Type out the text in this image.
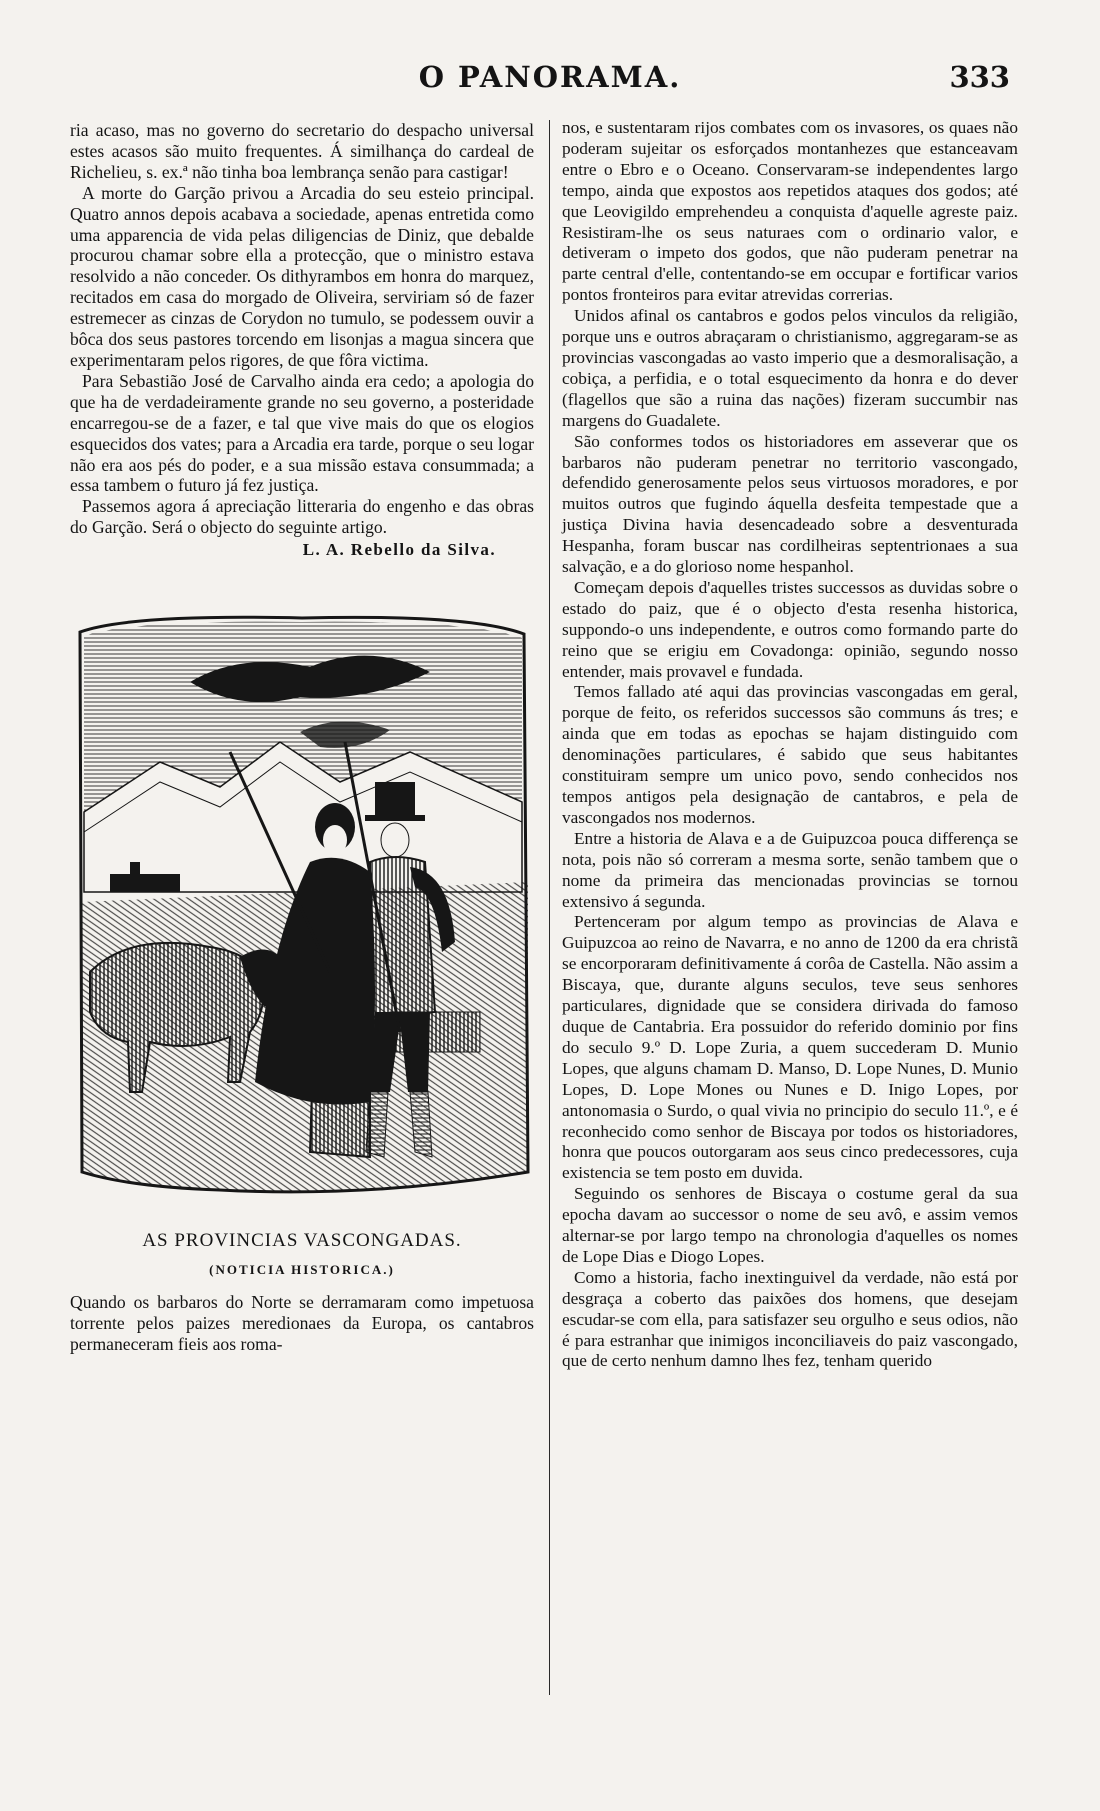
O PANORAMA.	333

ria acaso, mas no governo do secretario do despacho universal estes acasos são muito frequentes. Á similhança do cardeal de Richelieu, s. ex.ª não tinha boa lembrança senão para castigar!

A morte do Garção privou a Arcadia do seu esteio principal. Quatro annos depois acabava a sociedade, apenas entretida como uma apparencia de vida pelas diligencias de Diniz, que debalde procurou chamar sobre ella a protecção, que o ministro estava resolvido a não conceder. Os dithyrambos em honra do marquez, recitados em casa do morgado de Oliveira, serviriam só de fazer estremecer as cinzas de Corydon no tumulo, se podessem ouvir a bôca dos seus pastores torcendo em lisonjas a magua sincera que experimentaram pelos rigores, de que fôra victima.

Para Sebastião José de Carvalho ainda era cedo; a apologia do que ha de verdadeiramente grande no seu governo, a posteridade encarregou-se de a fazer, e tal que vive mais do que os elogios esquecidos dos vates; para a Arcadia era tarde, porque o seu logar não era aos pés do poder, e a sua missão estava consummada; a essa tambem o futuro já fez justiça.

Passemos agora á apreciação litteraria do engenho e das obras do Garção. Será o objecto do seguinte artigo.

L. A. Rebello da Silva.

AS PROVINCIAS VASCONGADAS.
(NOTICIA HISTORICA.)

Quando os barbaros do Norte se derramaram como impetuosa torrente pelos paizes meredionaes da Europa, os cantabros permaneceram fieis aos roma-

nos, e sustentaram rijos combates com os invasores, os quaes não poderam sujeitar os esforçados montanhezes que estanceavam entre o Ebro e o Oceano. Conservaram-se independentes largo tempo, ainda que expostos aos repetidos ataques dos godos; até que Leovigildo emprehendeu a conquista d'aquelle agreste paiz. Resistiram-lhe os seus naturaes com o ordinario valor, e detiveram o impeto dos godos, que não puderam penetrar na parte central d'elle, contentando-se em occupar e fortificar varios pontos fronteiros para evitar atrevidas correrias.

Unidos afinal os cantabros e godos pelos vinculos da religião, porque uns e outros abraçaram o christianismo, aggregaram-se as provincias vascongadas ao vasto imperio que a desmoralisação, a cobiça, a perfidia, e o total esquecimento da honra e do dever (flagellos que são a ruina das nações) fizeram succumbir nas margens do Guadalete.

São conformes todos os historiadores em asseverar que os barbaros não puderam penetrar no territorio vascongado, defendido generosamente pelos seus virtuosos moradores, e por muitos outros que fugindo áquella desfeita tempestade que a justiça Divina havia desencadeado sobre a desventurada Hespanha, foram buscar nas cordilheiras septentrionaes a sua salvação, e a do glorioso nome hespanhol.

Começam depois d'aquelles tristes successos as duvidas sobre o estado do paiz, que é o objecto d'esta resenha historica, suppondo-o uns independente, e outros como formando parte do reino que se erigiu em Covadonga: opinião, segundo nosso entender, mais provavel e fundada.

Temos fallado até aqui das provincias vascongadas em geral, porque de feito, os referidos successos são communs ás tres; e ainda que em todas as epochas se hajam distinguido com denominações particulares, é sabido que seus habitantes constituiram sempre um unico povo, sendo conhecidos nos tempos antigos pela designação de cantabros, e pela de vascongados nos modernos.

Entre a historia de Alava e a de Guipuzcoa pouca differença se nota, pois não só correram a mesma sorte, senão tambem que o nome da primeira das mencionadas provincias se tornou extensivo á segunda.

Pertenceram por algum tempo as provincias de Alava e Guipuzcoa ao reino de Navarra, e no anno de 1200 da era christã se encorporaram definitivamente á corôa de Castella. Não assim a Biscaya, que, durante alguns seculos, teve seus senhores particulares, dignidade que se considera dirivada do famoso duque de Cantabria. Era possuidor do referido dominio por fins do seculo 9.º D. Lope Zuria, a quem succederam D. Munio Lopes, que alguns chamam D. Manso, D. Lope Nunes, D. Munio Lopes, D. Lope Mones ou Nunes e D. Inigo Lopes, por antonomasia o Surdo, o qual vivia no principio do seculo 11.º, e é reconhecido como senhor de Biscaya por todos os historiadores, honra que poucos outorgaram aos seus cinco predecessores, cuja existencia se tem posto em duvida.

Seguindo os senhores de Biscaya o costume geral da sua epocha davam ao successor o nome de seu avô, e assim vemos alternar-se por largo tempo na chronologia d'aquelles os nomes de Lope Dias e Diogo Lopes.

Como a historia, facho inextinguivel da verdade, não está por desgraça a coberto das paixões dos homens, que desejam escudar-se com ella, para satisfazer seu orgulho e seus odios, não é para estranhar que inimigos inconciliaveis do paiz vascongado, que de certo nenhum damno lhes fez, tenham querido
